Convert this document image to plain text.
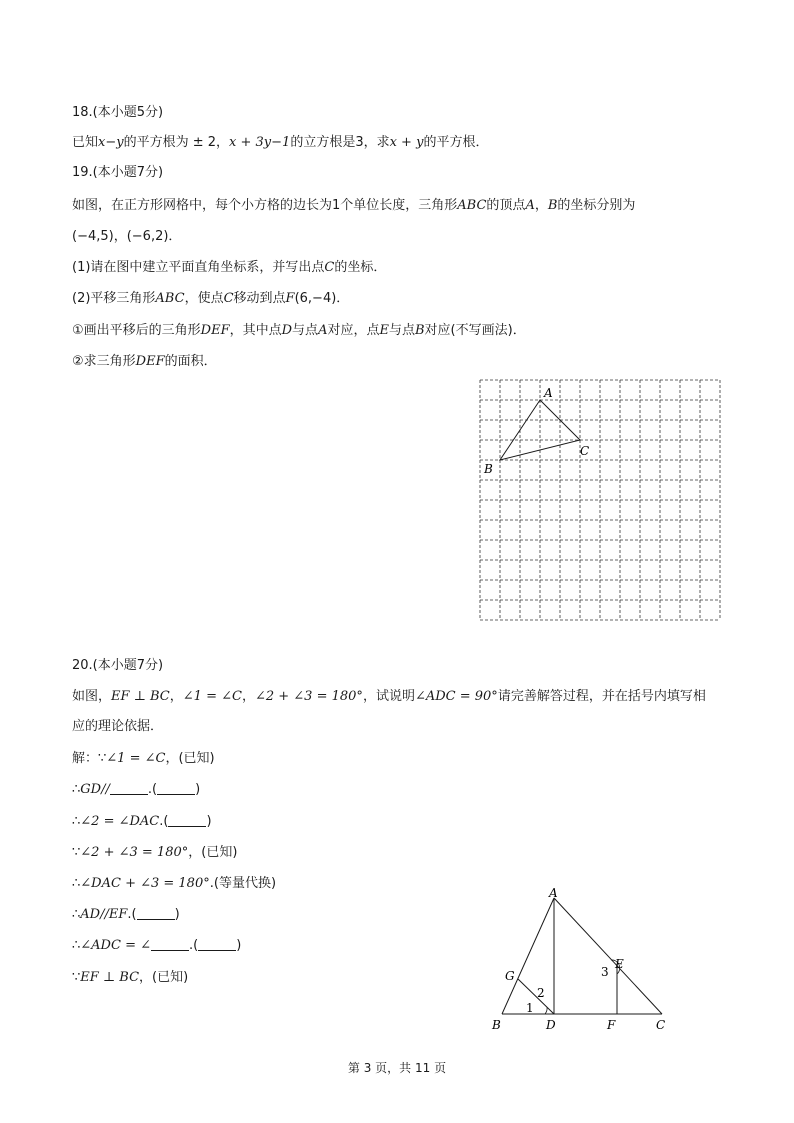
18.(本小题5分)
已知x−y的平方根为 ± 2，x + 3y−1的立方根是3，求x + y的平方根．
19.(本小题7分)
如图，在正方形网格中，每个小方格的边长为1个单位长度，三角形ABC的顶点A，B的坐标分别为
(−4,5)，(−6,2)．
(1)请在图中建立平面直角坐标系，并写出点C的坐标．
(2)平移三角形ABC，使点C移动到点F(6,−4)．
①画出平移后的三角形DEF，其中点D与点A对应，点E与点B对应(不写画法)．
②求三角形DEF的面积．
A
B
C
20.(本小题7分)
如图，EF ⊥ BC，∠1 = ∠C，∠2 + ∠3 = 180°，试说明∠ADC = 90°请完善解答过程，并在括号内填写相
应的理论依据．
解：∵∠1 = ∠C，(已知)
∴GD//	.(	)
∴∠2 = ∠DAC.(	)
∵∠2 + ∠3 = 180°，(已知)
∴∠DAC + ∠3 = 180°.(等量代换)
∴AD//EF.(	)
∴∠ADC = ∠	.(	)
∵EF ⊥ BC，(已知)
A
B	C
D
E
F
G
1
2
3
第 3 页，共 11 页
